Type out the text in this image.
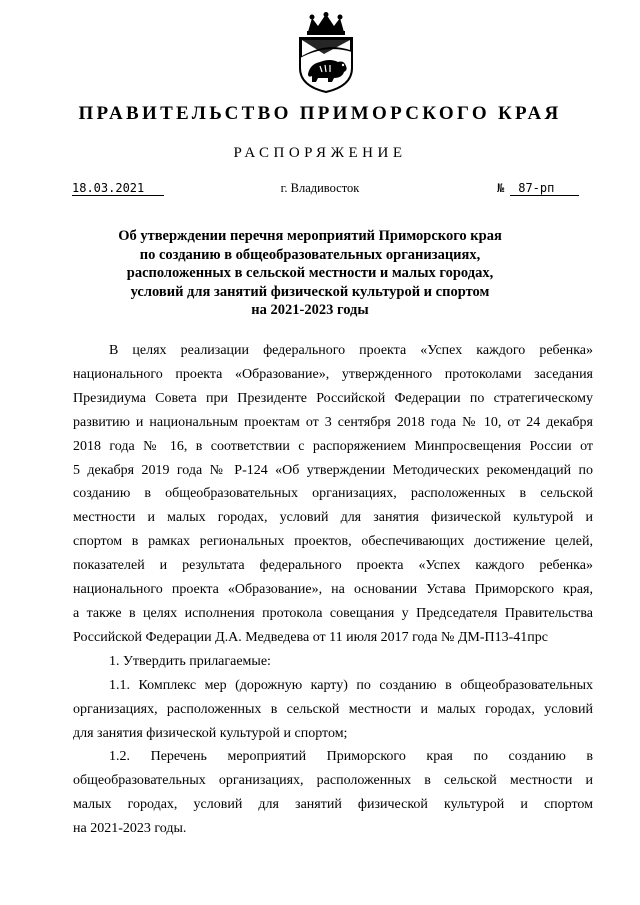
ПРАВИТЕЛЬСТВО ПРИМОРСКОГО КРАЯ
РАСПОРЯЖЕНИЕ
18.03.2021	г. Владивосток	№ 87-рп
Об утверждении перечня мероприятий Приморского края
по созданию в общеобразовательных организациях,
расположенных в сельской местности и малых городах,
условий для занятий физической культурой и спортом
на 2021-2023 годы

В целях реализации федерального проекта «Успех каждого ребенка»
национального проекта «Образование», утвержденного протоколами заседания
Президиума Совета при Президенте Российской Федерации по стратегическому
развитию и национальным проектам от 3 сентября 2018 года № 10, от 24 декабря
2018 года № 16, в соответствии с распоряжением Минпросвещения России от
5 декабря 2019 года № Р-124 «Об утверждении Методических рекомендаций по
созданию в общеобразовательных организациях, расположенных в сельской
местности и малых городах, условий для занятия физической культурой и
спортом в рамках региональных проектов, обеспечивающих достижение целей,
показателей и результата федерального проекта «Успех каждого ребенка»
национального проекта «Образование», на основании Устава Приморского края,
а также в целях исполнения протокола совещания у Председателя Правительства
Российской Федерации Д.А. Медведева от 11 июля 2017 года № ДМ-П13-41прс

1. Утвердить прилагаемые:

1.1. Комплекс мер (дорожную карту) по созданию в общеобразовательных
организациях, расположенных в сельской местности и малых городах, условий
для занятия физической культурой и спортом;

1.2. Перечень мероприятий Приморского края по созданию в
общеобразовательных организациях, расположенных в сельской местности и
малых городах, условий для занятий физической культурой и спортом
на 2021-2023 годы.
